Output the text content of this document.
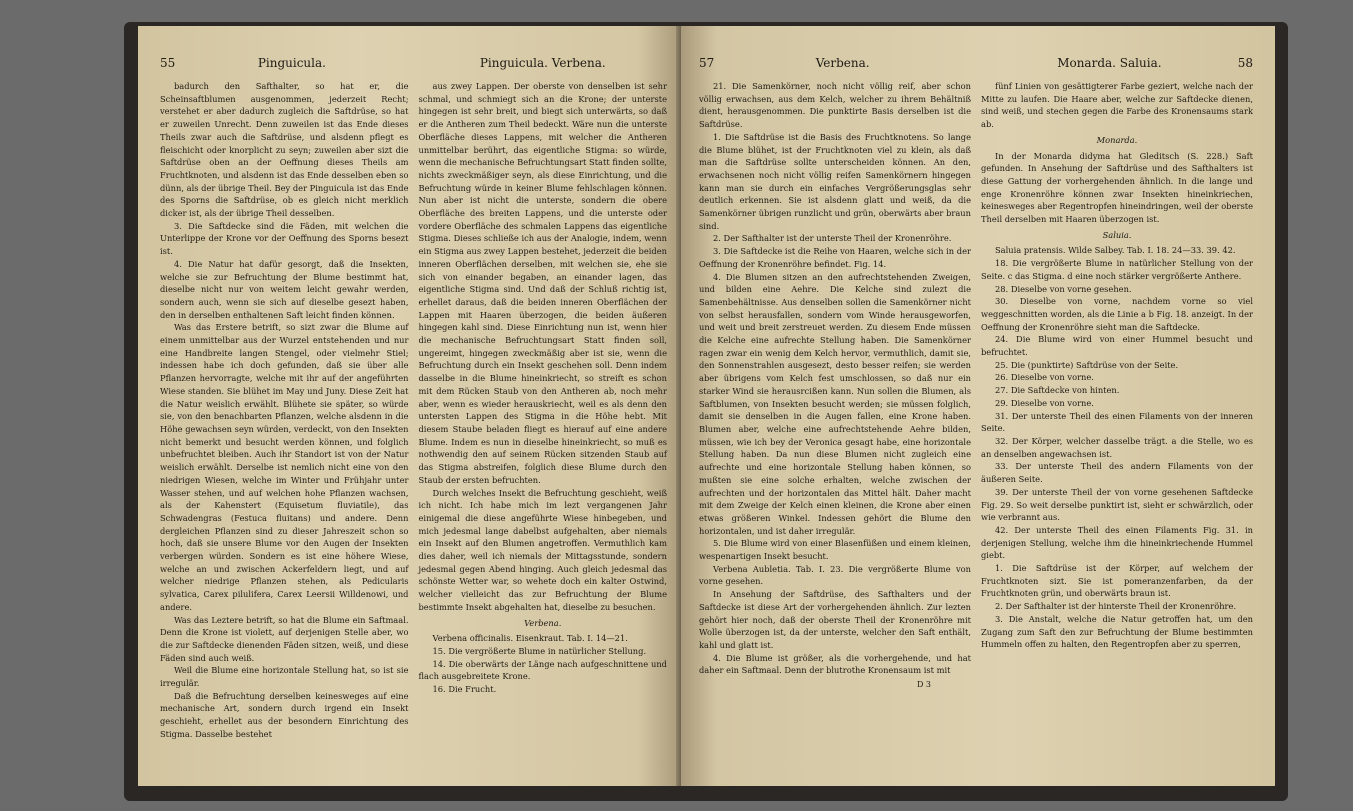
55	Pinguicula.

badurch den Safthalter, so hat er, die Scheinsaftblumen ausgenommen, jederzeit Recht; verstehet er aber dadurch zugleich die Saftdrüse, so hat er zuweilen Unrecht. Denn zuweilen ist das Ende dieses Theils zwar auch die Saftdrüse, und alsdenn pflegt es fleischicht oder knorplicht zu seyn; zuweilen aber sizt die Saftdrüse oben an der Oeffnung dieses Theils am Fruchtknoten, und alsdenn ist das Ende desselben eben so dünn, als der übrige Theil. Bey der Pinguicula ist das Ende des Sporns die Saftdrüse, ob es gleich nicht merklich dicker ist, als der übrige Theil desselben.

3. Die Saftdecke sind die Fäden, mit welchen die Unterlippe der Krone vor der Oeffnung des Sporns besezt ist.

4. Die Natur hat dafür gesorgt, daß die Insekten, welche sie zur Befruchtung der Blume bestimmt hat, dieselbe nicht nur von weitem leicht gewahr werden, sondern auch, wenn sie sich auf dieselbe gesezt haben, den in derselben enthaltenen Saft leicht finden können.

Was das Erstere betrift, so sizt zwar die Blume auf einem unmittelbar aus der Wurzel entstehenden und nur eine Handbreite langen Stengel, oder vielmehr Stiel; indessen habe ich doch gefunden, daß sie über alle Pflanzen hervorragte, welche mit ihr auf der angeführten Wiese standen. Sie blühet im May und Juny. Diese Zeit hat die Natur weislich erwählt. Blühete sie später, so würde sie, von den benachbarten Pflanzen, welche alsdenn in die Höhe gewachsen seyn würden, verdeckt, von den Insekten nicht bemerkt und besucht werden können, und folglich unbefruchtet bleiben. Auch ihr Standort ist von der Natur weislich erwählt. Derselbe ist nemlich nicht eine von den niedrigen Wiesen, welche im Winter und Frühjahr unter Wasser stehen, und auf welchen hohe Pflanzen wachsen, als der Kahenstert (Equisetum fluviatile), das Schwadengras (Festuca fluitans) und andere. Denn dergleichen Pflanzen sind zu dieser Jahreszeit schon so hoch, daß sie unsere Blume vor den Augen der Insekten verbergen würden. Sondern es ist eine höhere Wiese, welche an und zwischen Ackerfeldern liegt, und auf welcher niedrige Pflanzen stehen, als Pedicularis sylvatica, Carex pilulifera, Carex Leersii Willdenowi, und andere.

Was das Leztere betrift, so hat die Blume ein Saftmaal. Denn die Krone ist violett, auf derjenigen Stelle aber, wo die zur Saftdecke dienenden Fäden sitzen, weiß, und diese Fäden sind auch weiß.

Weil die Blume eine horizontale Stellung hat, so ist sie irregulär.

Daß die Befruchtung derselben keinesweges auf eine mechanische Art, sondern durch irgend ein Insekt geschieht, erhellet aus der besondern Einrichtung des Stigma. Dasselbe bestehet

Pinguicula. Verbena.

aus zwey Lappen. Der oberste von denselben ist sehr schmal, und schmiegt sich an die Krone; der unterste hingegen ist sehr breit, und biegt sich unterwärts, so daß er die Antheren zum Theil bedeckt. Wäre nun die unterste Oberfläche dieses Lappens, mit welcher die Antheren unmittelbar berührt, das eigentliche Stigma: so würde, wenn die mechanische Befruchtungsart Statt finden sollte, nichts zweckmäßiger seyn, als diese Einrichtung, und die Befruchtung würde in keiner Blume fehlschlagen können. Nun aber ist nicht die unterste, sondern die obere Oberfläche des breiten Lappens, und die unterste oder vordere Oberfläche des schmalen Lappens das eigentliche Stigma. Dieses schließe ich aus der Analogie, indem, wenn ein Stigma aus zwey Lappen bestehet, jederzeit die beiden inneren Oberflächen derselben, mit welchen sie, ehe sie sich von einander begaben, an einander lagen, das eigentliche Stigma sind. Und daß der Schluß richtig ist, erhellet daraus, daß die beiden inneren Oberflächen der Lappen mit Haaren überzogen, die beiden äußeren hingegen kahl sind. Diese Einrichtung nun ist, wenn hier die mechanische Befruchtungsart Statt finden soll, ungereimt, hingegen zweckmäßig aber ist sie, wenn die Befruchtung durch ein Insekt geschehen soll. Denn indem dasselbe in die Blume hineinkriecht, so streift es schon mit dem Rücken Staub von den Antheren ab, noch mehr aber, wenn es wieder herauskriecht, weil es als denn den untersten Lappen des Stigma in die Höhe hebt. Mit diesem Staube beladen fliegt es hierauf auf eine andere Blume. Indem es nun in dieselbe hineinkriecht, so muß es nothwendig den auf seinem Rücken sitzenden Staub auf das Stigma abstreifen, folglich diese Blume durch den Staub der ersten befruchten.

Durch welches Insekt die Befruchtung geschieht, weiß ich nicht. Ich habe mich im lezt vergangenen Jahr einigemal die diese angeführte Wiese hinbegeben, und mich jedesmal lange dabelbst aufgehalten, aber niemals ein Insekt auf den Blumen angetroffen. Vermuthlich kam dies daher, weil ich niemals der Mittagsstunde, sondern jedesmal gegen Abend hinging. Auch gleich jedesmal das schönste Wetter war, so wehete doch ein kalter Ostwind, welcher vielleicht das zur Befruchtung der Blume bestimmte Insekt abgehalten hat, dieselbe zu besuchen.

Verbena.

Verbena officinalis. Eisenkraut. Tab. I. 14—21.

15. Die vergrößerte Blume in natürlicher Stellung.

14. Die oberwärts der Länge nach aufgeschnittene und flach ausgebreitete Krone.

16. Die Frucht.

57	Verbena.

21. Die Samenkörner, noch nicht völlig reif, aber schon völlig erwachsen, aus dem Kelch, welcher zu ihrem Behältniß dient, herausgenommen. Die punktirte Basis derselben ist die Saftdrüse.

1. Die Saftdrüse ist die Basis des Fruchtknotens. So lange die Blume blühet, ist der Fruchtknoten viel zu klein, als daß man die Saftdrüse sollte unterscheiden können. An den, erwachsenen noch nicht völlig reifen Samenkörnern hingegen kann man sie durch ein einfaches Vergrößerungsglas sehr deutlich erkennen. Sie ist alsdenn glatt und weiß, da die Samenkörner übrigen runzlicht und grün, oberwärts aber braun sind.

2. Der Safthalter ist der unterste Theil der Kronenröhre.

3. Die Saftdecke ist die Reihe von Haaren, welche sich in der Oeffnung der Kronenröhre befindet. Fig. 14.

4. Die Blumen sitzen an den aufrechtstehenden Zweigen, und bilden eine Aehre. Die Kelche sind zulezt die Samenbehältnisse. Aus denselben sollen die Samenkörner nicht von selbst herausfallen, sondern vom Winde herausgeworfen, und weit und breit zerstreuet werden. Zu diesem Ende müssen die Kelche eine aufrechte Stellung haben. Die Samenkörner ragen zwar ein wenig dem Kelch hervor, vermuthlich, damit sie, den Sonnenstrahlen ausgesezt, desto besser reifen; sie werden aber übrigens vom Kelch fest umschlossen, so daß nur ein starker Wind sie herausrcißen kann. Nun sollen die Blumen, als Saftblumen, von Insekten besucht werden; sie müssen folglich, damit sie denselben in die Augen fallen, eine Krone haben. Blumen aber, welche eine aufrechtstehende Aehre bilden, müssen, wie ich bey der Veronica gesagt habe, eine horizontale Stellung haben. Da nun diese Blumen nicht zugleich eine aufrechte und eine horizontale Stellung haben können, so mußten sie eine solche erhalten, welche zwischen der aufrechten und der horizontalen das Mittel hält. Daher macht mit dem Zweige der Kelch einen kleinen, die Krone aber einen etwas größeren Winkel. Indessen gehört die Blume den horizontalen, und ist daher irregulär.

5. Die Blume wird von einer Blasenfüßen und einem kleinen, wespenartigen Insekt besucht.

Verbena Aubletia. Tab. I. 23. Die vergrößerte Blume von vorne gesehen.

In Ansehung der Saftdrüse, des Safthalters und der Saftdecke ist diese Art der vorhergehenden ähnlich. Zur lezten gehört hier noch, daß der oberste Theil der Kronenröhre mit Wolle überzogen ist, da der unterste, welcher den Saft enthält, kahl und glatt ist.

4. Die Blume ist größer, als die vorhergehende, und hat daher ein Saftmaal. Denn der blutrothe Kronensaum ist mit

D 3
Monarda. Saluia.	58

fünf Linien von gesättigterer Farbe geziert, welche nach der Mitte zu laufen. Die Haare aber, welche zur Saftdecke dienen, sind weiß, und stechen gegen die Farbe des Kronensaums stark ab.

Monarda.

In der Monarda didyma hat Gleditsch (S. 228.) Saft gefunden. In Ansehung der Saftdrüse und des Safthalters ist diese Gattung der vorhergehenden ähnlich. In die lange und enge Kronenröhre können zwar Insekten hineinkriechen, keinesweges aber Regentropfen hineindringen, weil der oberste Theil derselben mit Haaren überzogen ist.

Saluia.

Saluia pratensis. Wilde Salbey. Tab. I. 18. 24—33. 39. 42.

18. Die vergrößerte Blume in natürlicher Stellung von der Seite. c das Stigma. d eine noch stärker vergrößerte Anthere.

28. Dieselbe von vorne gesehen.

30. Dieselbe von vorne, nachdem vorne so viel weggeschnitten worden, als die Linie a b Fig. 18. anzeigt. In der Oeffnung der Kronenröhre sieht man die Saftdecke.

24. Die Blume wird von einer Hummel besucht und befruchtet.

25. Die (punktirte) Saftdrüse von der Seite.

26. Dieselbe von vorne.

27. Die Saftdecke von hinten.

29. Dieselbe von vorne.

31. Der unterste Theil des einen Filaments von der inneren Seite.

32. Der Körper, welcher dasselbe trägt. a die Stelle, wo es an denselben angewachsen ist.

33. Der unterste Theil des andern Filaments von der äußeren Seite.

39. Der unterste Theil der von vorne gesehenen Saftdecke Fig. 29. So weit derselbe punktirt ist, sieht er schwärzlich, oder wie verbrannt aus.

42. Der unterste Theil des einen Filaments Fig. 31. in derjenigen Stellung, welche ihm die hineinkriechende Hummel giebt.

1. Die Saftdrüse ist der Körper, auf welchem der Fruchtknoten sizt. Sie ist pomeranzenfarben, da der Fruchtknoten grün, und oberwärts braun ist.

2. Der Safthalter ist der hinterste Theil der Kronenröhre.

3. Die Anstalt, welche die Natur getroffen hat, um den Zugang zum Saft den zur Befruchtung der Blume bestimmten Hummeln offen zu halten, den Regentropfen aber zu sperren,
